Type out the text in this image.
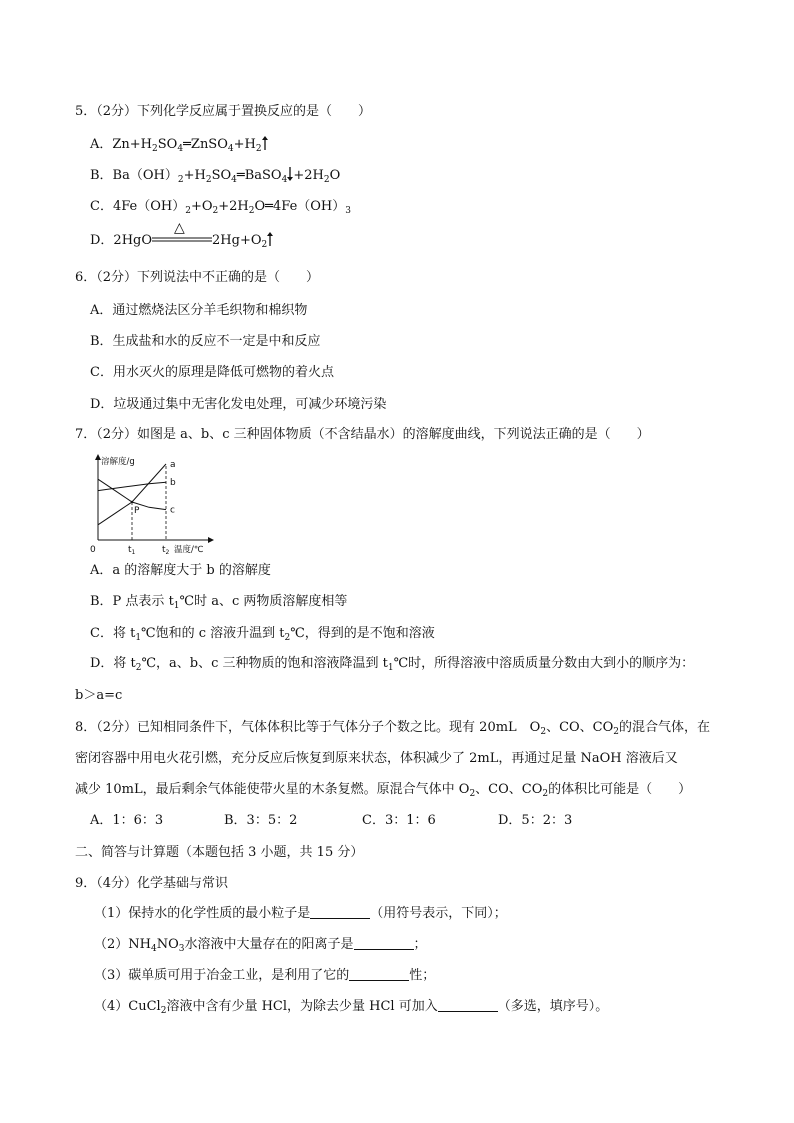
5．（2分）下列化学反应属于置换反应的是（　　）
A．$Zn+H_2SO_4═ZnSO_4+H_2$
B．$Ba(OH)_2+H_2SO_4═BaSO_4 +2H_2O$
C．$4Fe(OH)_2+O_2+2H_2O═4Fe(OH)_3$
D．2HgO
△
$2Hg+O_2$
6．（2分）下列说法中不正确的是（　　）
A．通过燃烧法区分羊毛织物和棉织物
B．生成盐和水的反应不一定是中和反应
C．用水灭火的原理是降低可燃物的着火点
D．垃圾通过集中无害化发电处理，可减少环境污染
7．（2分）如图是 a、b、c 三种固体物质（不含结晶水）的溶解度曲线，下列说法正确的是（　　）
a
b
c
P
溶解度/g
0	$t_1$	$t_2$ 温度/℃
A．a 的溶解度大于 b 的溶解度
B．P 点表示 $t_1℃$时 a、c 两物质溶解度相等
C．将 $t_1℃$饱和的 c 溶液升温到 $t_2℃$，得到的是不饱和溶液
D．将 $t_2℃$，a、b、c 三种物质的饱和溶液降温到 $t_1℃$时，所得溶液中溶质质量分数由大到小的顺序为：
b＞a=c
8．（2分）已知相同条件下，气体体积比等于气体分子个数之比。现有 20mL　$O_2$、CO、$CO_2$的混合气体，在
密闭容器中用电火花引燃，充分反应后恢复到原来状态，体积减少了 2mL，再通过足量 NaOH 溶液后又
减少 10mL，最后剩余气体能使带火星的木条复燃。原混合气体中 $O_2$、CO、$CO_2$的体积比可能是（　　）
A．1：6：3	B．3：5：2	C．3：1：6	D．5：2：3
二、简答与计算题（本题包括 3 小题，共 15 分）
9．（4分）化学基础与常识
（1）保持水的化学性质的最小粒子是	（用符号表示，下同）；
$(2)NH_4NO_3$水溶液中大量存在的阳离子是	；
（3）碳单质可用于冶金工业，是利用了它的	性；
（4）CuCl$_2$溶液中含有少量 HCl，为除去少量 HCl 可加入	（多选，填序号）。
